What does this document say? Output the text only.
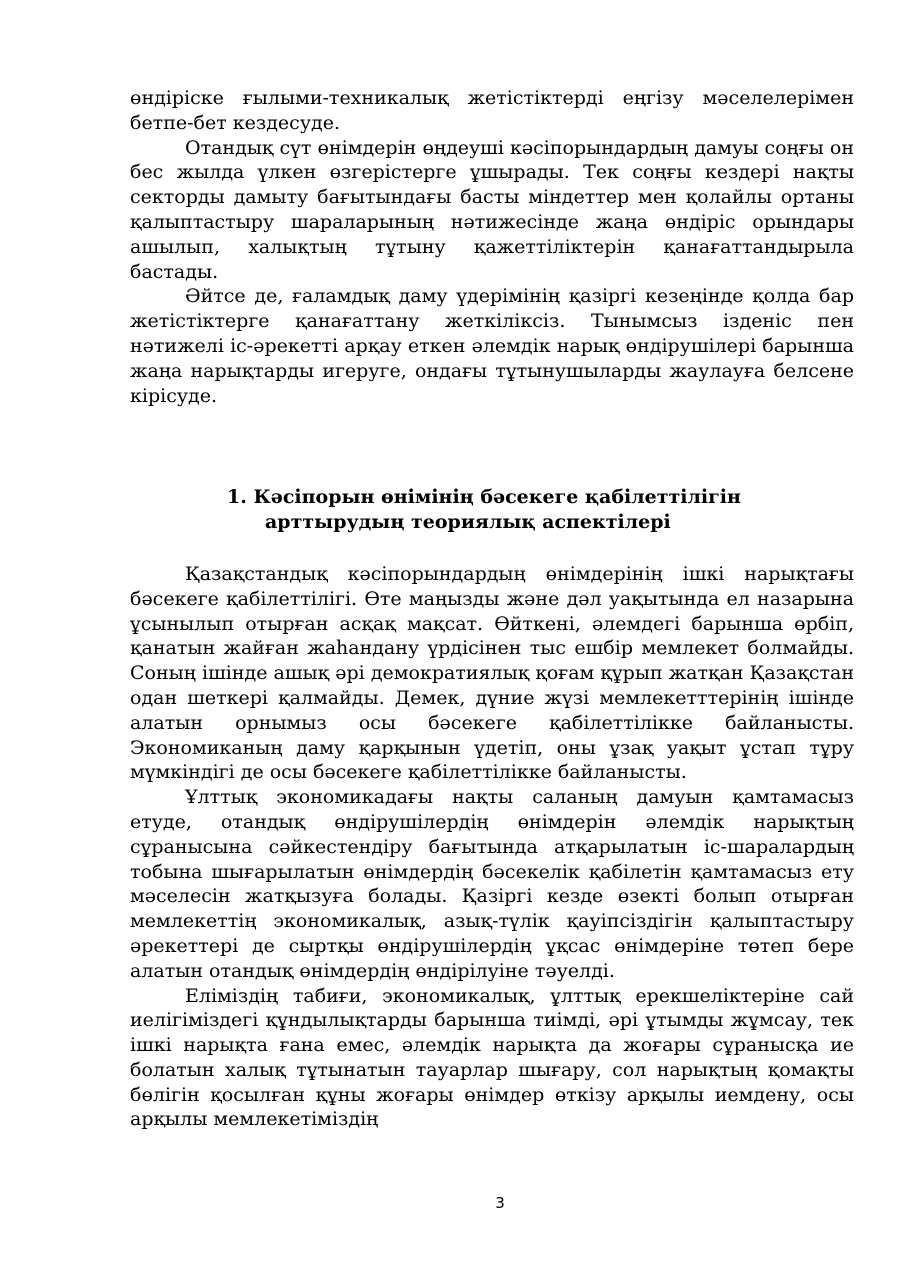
өндіріске ғылыми-техникалық жетістіктерді еңгізу мәселелерімен бетпе-бет кездесуде.

Отандық сүт өнімдерін өңдеуші кәсіпорындардың дамуы соңғы он бес жылда үлкен өзгерістерге ұшырады. Тек соңғы кездері нақты секторды дамыту бағытындағы басты міндеттер мен қолайлы ортаны қалыптастыру шараларының нәтижесінде жаңа өндіріс орындары ашылып, халықтың тұтыну қажеттіліктерін қанағаттандырыла бастады.

Әйтсе де, ғаламдық даму үдерімінің қазіргі кезеңінде қолда бар жетістіктерге қанағаттану жеткіліксіз. Тынымсыз ізденіс пен нәтижелі іс-әрекетті арқау еткен әлемдік нарық өндірушілері барынша жаңа нарықтарды игеруге, ондағы тұтынушыларды жаулауға белсене кірісуде.

1. Кәсіпорын өнімінің бәсекеге қабілеттілігін
арттырудың теориялық аспектілері

Қазақстандық кәсіпорындардың өнімдерінің ішкі нарықтағы бәсекеге қабілеттілігі. Өте маңызды және дәл уақытында ел назарына ұсынылып отырған асқақ мақсат. Өйткені, әлемдегі барынша өрбіп, қанатын жайған жаһандану үрдісінен тыс ешбір мемлекет болмайды. Соның ішінде ашық әрі демократиялық қоғам құрып жатқан Қазақстан одан шеткері қалмайды. Демек, дүние жүзі мемлекетттерінің ішінде алатын орнымыз осы бәсекеге қабілеттілікке байланысты. Экономиканың даму қарқынын үдетіп, оны ұзақ уақыт ұстап тұру мүмкіндігі де осы бәсекеге қабілеттілікке байланысты.

Ұлттық экономикадағы нақты саланың дамуын қамтамасыз етуде, отандық өндірушілердің өнімдерін әлемдік нарықтың сұранысына сәйкестендіру бағытында атқарылатын іс-шаралардың тобына шығарылатын өнімдердің бәсекелік қабілетін қамтамасыз ету мәселесін жатқызуға болады. Қазіргі кезде өзекті болып отырған мемлекеттің экономикалық, азық-түлік қауіпсіздігін қалыптастыру әрекеттері де сыртқы өндірушілердің ұқсас өнімдеріне төтеп бере алатын отандық өнімдердің өндірілуіне тәуелді.

Еліміздің табиғи, экономикалық, ұлттық ерекшеліктеріне сай иелігіміздегі құндылықтарды барынша тиімді, әрі ұтымды жұмсау, тек ішкі нарықта ғана емес, әлемдік нарықта да жоғары сұранысқа ие болатын халық тұтынатын тауарлар шығару, сол нарықтың қомақты бөлігін қосылған құны жоғары өнімдер өткізу арқылы иемдену, осы арқылы мемлекетіміздің

3
